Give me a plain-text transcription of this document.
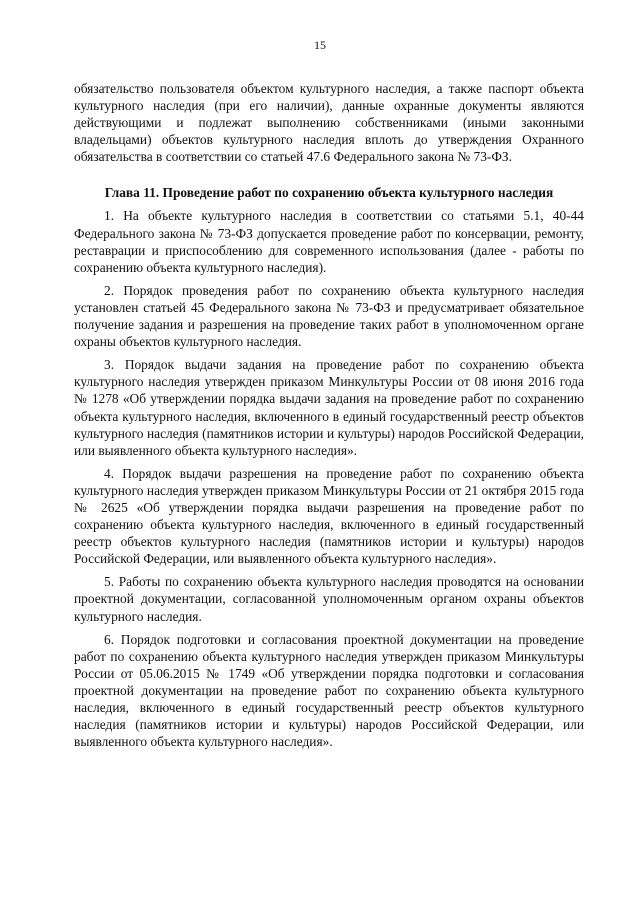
15

обязательство пользователя объектом культурного наследия, а также паспорт объекта культурного наследия (при его наличии), данные охранные документы являются действующими и подлежат выполнению собственниками (иными законными владельцами) объектов культурного наследия вплоть до утверждения Охранного обязательства в соответствии со статьей 47.6 Федерального закона № 73-ФЗ.

Глава 11. Проведение работ по сохранению объекта культурного наследия

1. На объекте культурного наследия в соответствии со статьями 5.1, 40-44 Федерального закона № 73-ФЗ допускается проведение работ по консервации, ремонту, реставрации и приспособлению для современного использования (далее - работы по сохранению объекта культурного наследия).

2. Порядок проведения работ по сохранению объекта культурного наследия установлен статьей 45 Федерального закона № 73-ФЗ и предусматривает обязательное получение задания и разрешения на проведение таких работ в уполномоченном органе охраны объектов культурного наследия.

3. Порядок выдачи задания на проведение работ по сохранению объекта культурного наследия утвержден приказом Минкультуры России от 08 июня 2016 года № 1278 «Об утверждении порядка выдачи задания на проведение работ по сохранению объекта культурного наследия, включенного в единый государственный реестр объектов культурного наследия (памятников истории и культуры) народов Российской Федерации, или выявленного объекта культурного наследия».

4. Порядок выдачи разрешения на проведение работ по сохранению объекта культурного наследия утвержден приказом Минкультуры России от 21 октября 2015 года № 2625 «Об утверждении порядка выдачи разрешения на проведение работ по сохранению объекта культурного наследия, включенного в единый государственный реестр объектов культурного наследия (памятников истории и культуры) народов Российской Федерации, или выявленного объекта культурного наследия».

5. Работы по сохранению объекта культурного наследия проводятся на основании проектной документации, согласованной уполномоченным органом охраны объектов культурного наследия.

6. Порядок подготовки и согласования проектной документации на проведение работ по сохранению объекта культурного наследия утвержден приказом Минкультуры России от 05.06.2015 № 1749 «Об утверждении порядка подготовки и согласования проектной документации на проведение работ по сохранению объекта культурного наследия, включенного в единый государственный реестр объектов культурного наследия (памятников истории и культуры) народов Российской Федерации, или выявленного объекта культурного наследия».
